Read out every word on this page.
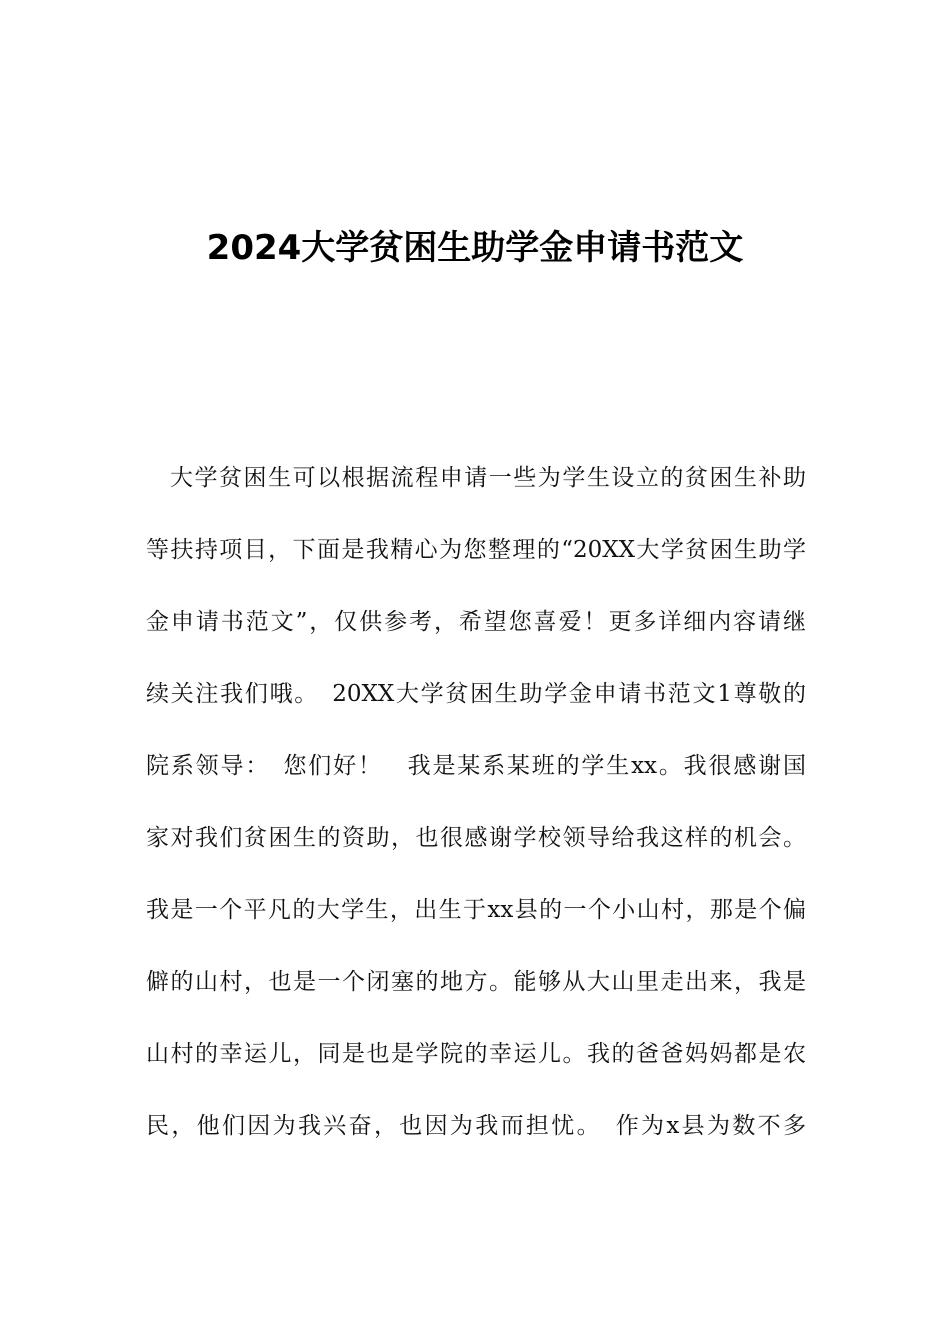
2024大学贫困生助学金申请书范文
大学贫困生可以根据流程申请一些为学生设立的贫困生补助
等扶持项目，下面是我精心为您整理的“20XX大学贫困生助学
金申请书范文”，仅供参考，希望您喜爱！更多详细内容请继
续关注我们哦。　20XX大学贫困生助学金申请书范文1尊敬的
院系领导：　您们好！　我是某系某班的学生xx。我很感谢国
家对我们贫困生的资助，也很感谢学校领导给我这样的机会。
我是一个平凡的大学生，出生于xx县的一个小山村，那是个偏
僻的山村，也是一个闭塞的地方。能够从大山里走出来，我是
山村的幸运儿，同是也是学院的幸运儿。我的爸爸妈妈都是农
民，他们因为我兴奋，也因为我而担忧。　作为x县为数不多
